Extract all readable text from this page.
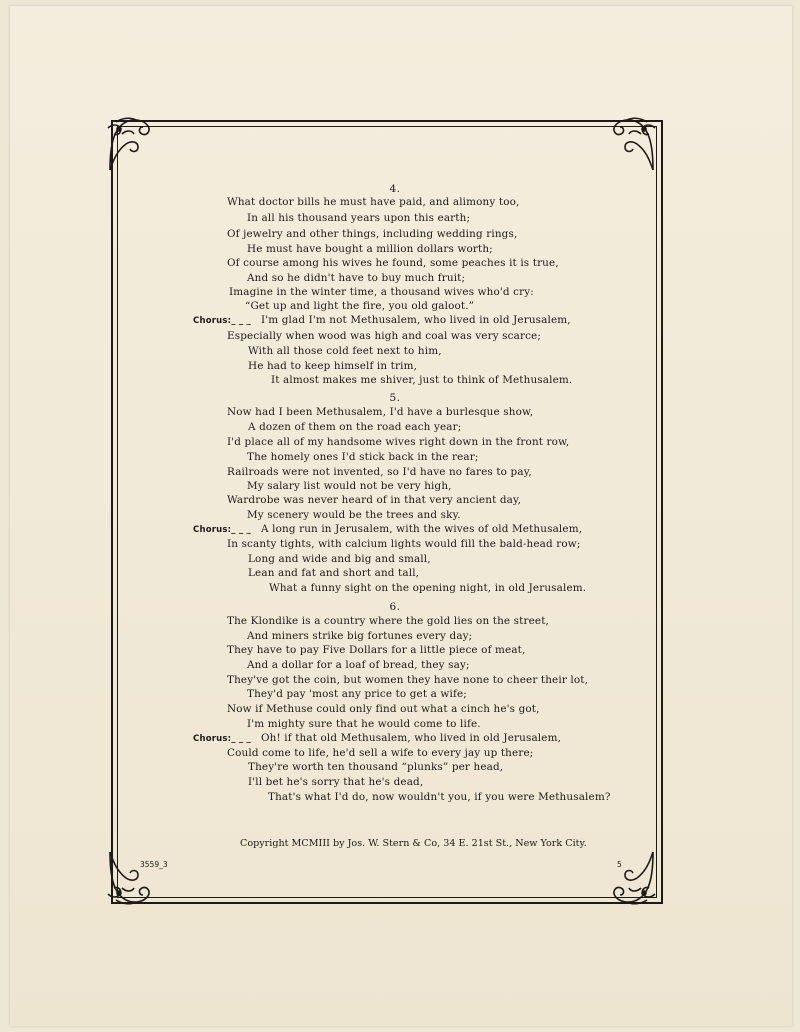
4.
What doctor bills he must have paid, and alimony too,
In all his thousand years upon this earth;
Of jewelry and other things, including wedding rings,
He must have bought a million dollars worth;
Of course among his wives he found, some peaches it is true,
And so he didn't have to buy much fruit;
Imagine in the winter time, a thousand wives who'd cry:
“Get up and light the fire, you old galoot.”
Chorus:_ _ _ I'm glad I'm not Methusalem, who lived in old Jerusalem,
Especially when wood was high and coal was very scarce;
With all those cold feet next to him,
He had to keep himself in trim,
It almost makes me shiver, just to think of Methusalem.
5.
Now had I been Methusalem, I'd have a burlesque show,
A dozen of them on the road each year;
I'd place all of my handsome wives right down in the front row,
The homely ones I'd stick back in the rear;
Railroads were not invented, so I'd have no fares to pay,
My salary list would not be very high,
Wardrobe was never heard of in that very ancient day,
My scenery would be the trees and sky.
Chorus:_ _ _ A long run in Jerusalem, with the wives of old Methusalem,
In scanty tights, with calcium lights would fill the bald-head row;
Long and wide and big and small,
Lean and fat and short and tall,
What a funny sight on the opening night, in old Jerusalem.
6.
The Klondike is a country where the gold lies on the street,
And miners strike big fortunes every day;
They have to pay Five Dollars for a little piece of meat,
And a dollar for a loaf of bread, they say;
They've got the coin, but women they have none to cheer their lot,
They'd pay 'most any price to get a wife;
Now if Methuse could only find out what a cinch he's got,
I'm mighty sure that he would come to life.
Chorus:_ _ _ Oh! if that old Methusalem, who lived in old Jerusalem,
Could come to life, he'd sell a wife to every jay up there;
They're worth ten thousand “plunks” per head,
I'll bet he's sorry that he's dead,
That's what I'd do, now wouldn't you, if you were Methusalem?
Copyright MCMIII by Jos. W. Stern & Co, 34 E. 21st St., New York City.
3559_3	5
